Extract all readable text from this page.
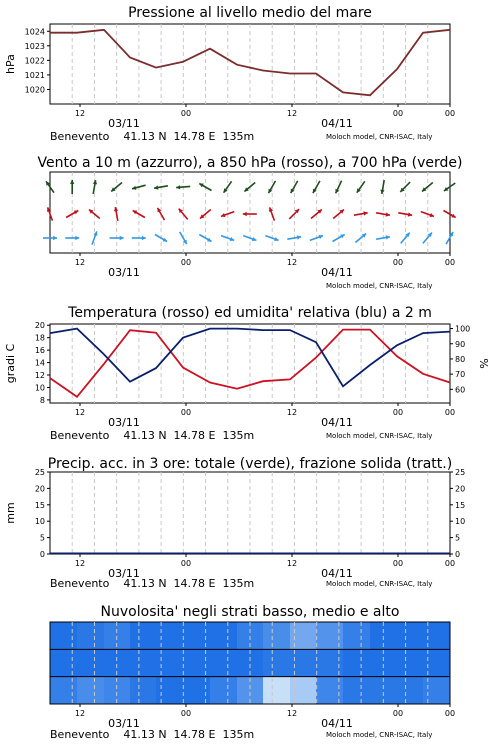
Pressione al livello medio del mare
12	00	12	00	00
03/11	04/11
1020
1021
1022
1023
1024
hPa
Benevento    41.13 N  14.78 E  135m	Moloch model, CNR-ISAC, Italy
Vento a 10 m (azzurro), a 850 hPa (rosso), a 700 hPa (verde)
12	00	12	00	00
03/11	04/11
Moloch model, CNR-ISAC, Italy
Temperatura (rosso) ed umidita' relativa (blu) a 2 m
12	00	12	00	00
03/11	04/11
8
10
12
14
16
18
20
60
70
80
90
100
gradi C	%
Benevento    41.13 N  14.78 E  135m	Moloch model, CNR-ISAC, Italy
Precip. acc. in 3 ore: totale (verde), frazione solida (tratt.)
12	00	12	00	00
03/11	04/11
0	0
5	5
10	10
15	15
20	20
25	25
mm
Benevento    41.13 N  14.78 E  135m	Moloch model, CNR-ISAC, Italy
Nuvolosita' negli strati basso, medio e alto
12	00	12	00	00
03/11	04/11
Benevento    41.13 N  14.78 E  135m	Moloch model, CNR-ISAC, Italy
